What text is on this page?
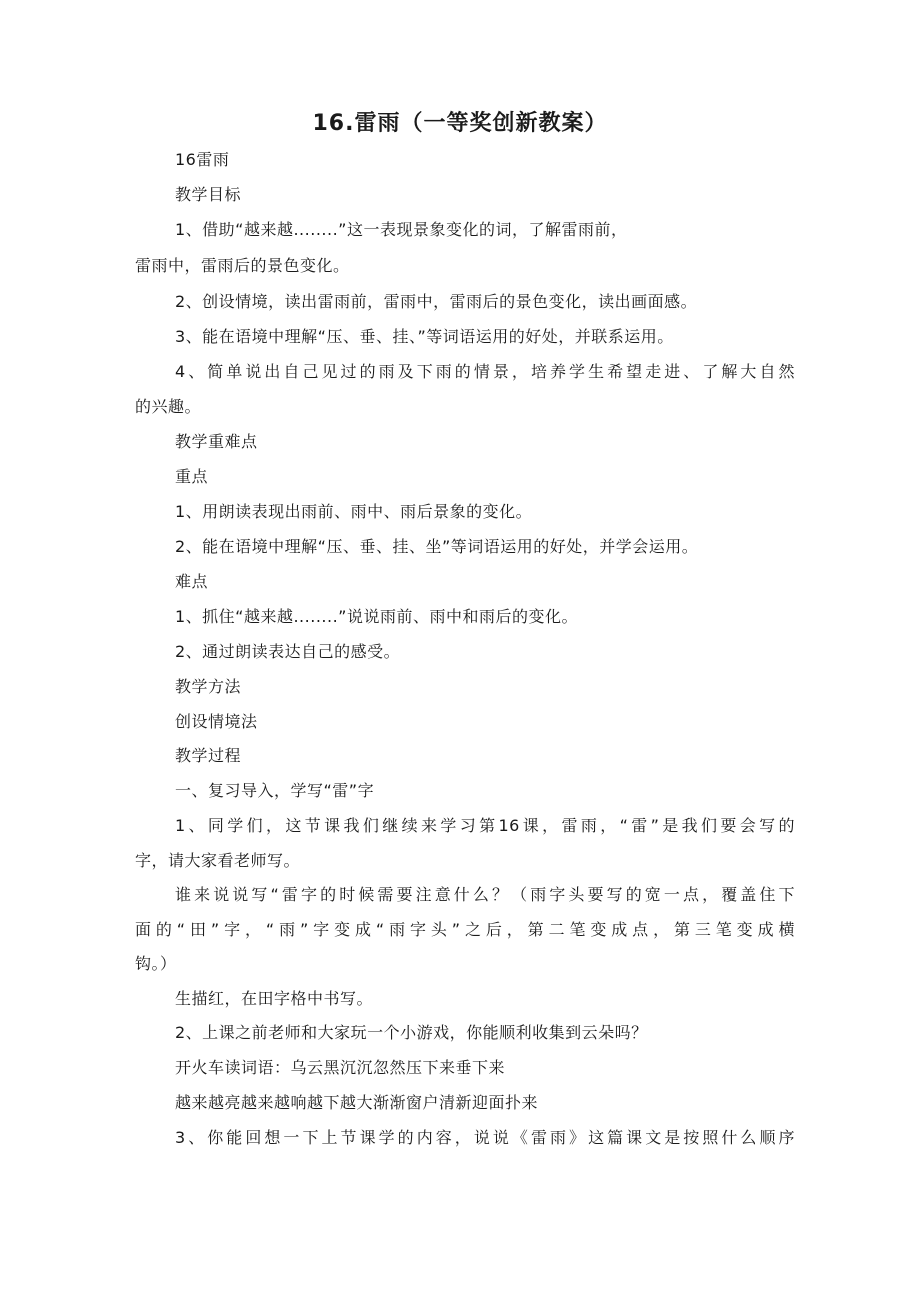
16.雷雨（一等奖创新教案）
16雷雨
教学目标
1、借助“越来越........”这一表现景象变化的词，了解雷雨前，
雷雨中，雷雨后的景色变化。
2、创设情境，读出雷雨前，雷雨中，雷雨后的景色变化，读出画面感。
3、能在语境中理解“压、垂、挂、”等词语运用的好处，并联系运用。
4、简单说出自己见过的雨及下雨的情景，培养学生希望走进、了解大自然
的兴趣。
教学重难点
重点
1、用朗读表现出雨前、雨中、雨后景象的变化。
2、能在语境中理解“压、垂、挂、坐”等词语运用的好处，并学会运用。
难点
1、抓住“越来越........”说说雨前、雨中和雨后的变化。
2、通过朗读表达自己的感受。
教学方法
创设情境法
教学过程
一、复习导入，学写“雷”字
1、同学们，这节课我们继续来学习第16课，雷雨，“雷”是我们要会写的
字，请大家看老师写。
谁来说说写“雷字的时候需要注意什么？（雨字头要写的宽一点，覆盖住下
面的“田”字，“雨”字变成“雨字头”之后，第二笔变成点，第三笔变成横
钩。）
生描红，在田字格中书写。
2、上课之前老师和大家玩一个小游戏，你能顺利收集到云朵吗？
开火车读词语：乌云黑沉沉忽然压下来垂下来
越来越亮越来越响越下越大渐渐窗户清新迎面扑来
3、你能回想一下上节课学的内容，说说《雷雨》这篇课文是按照什么顺序
